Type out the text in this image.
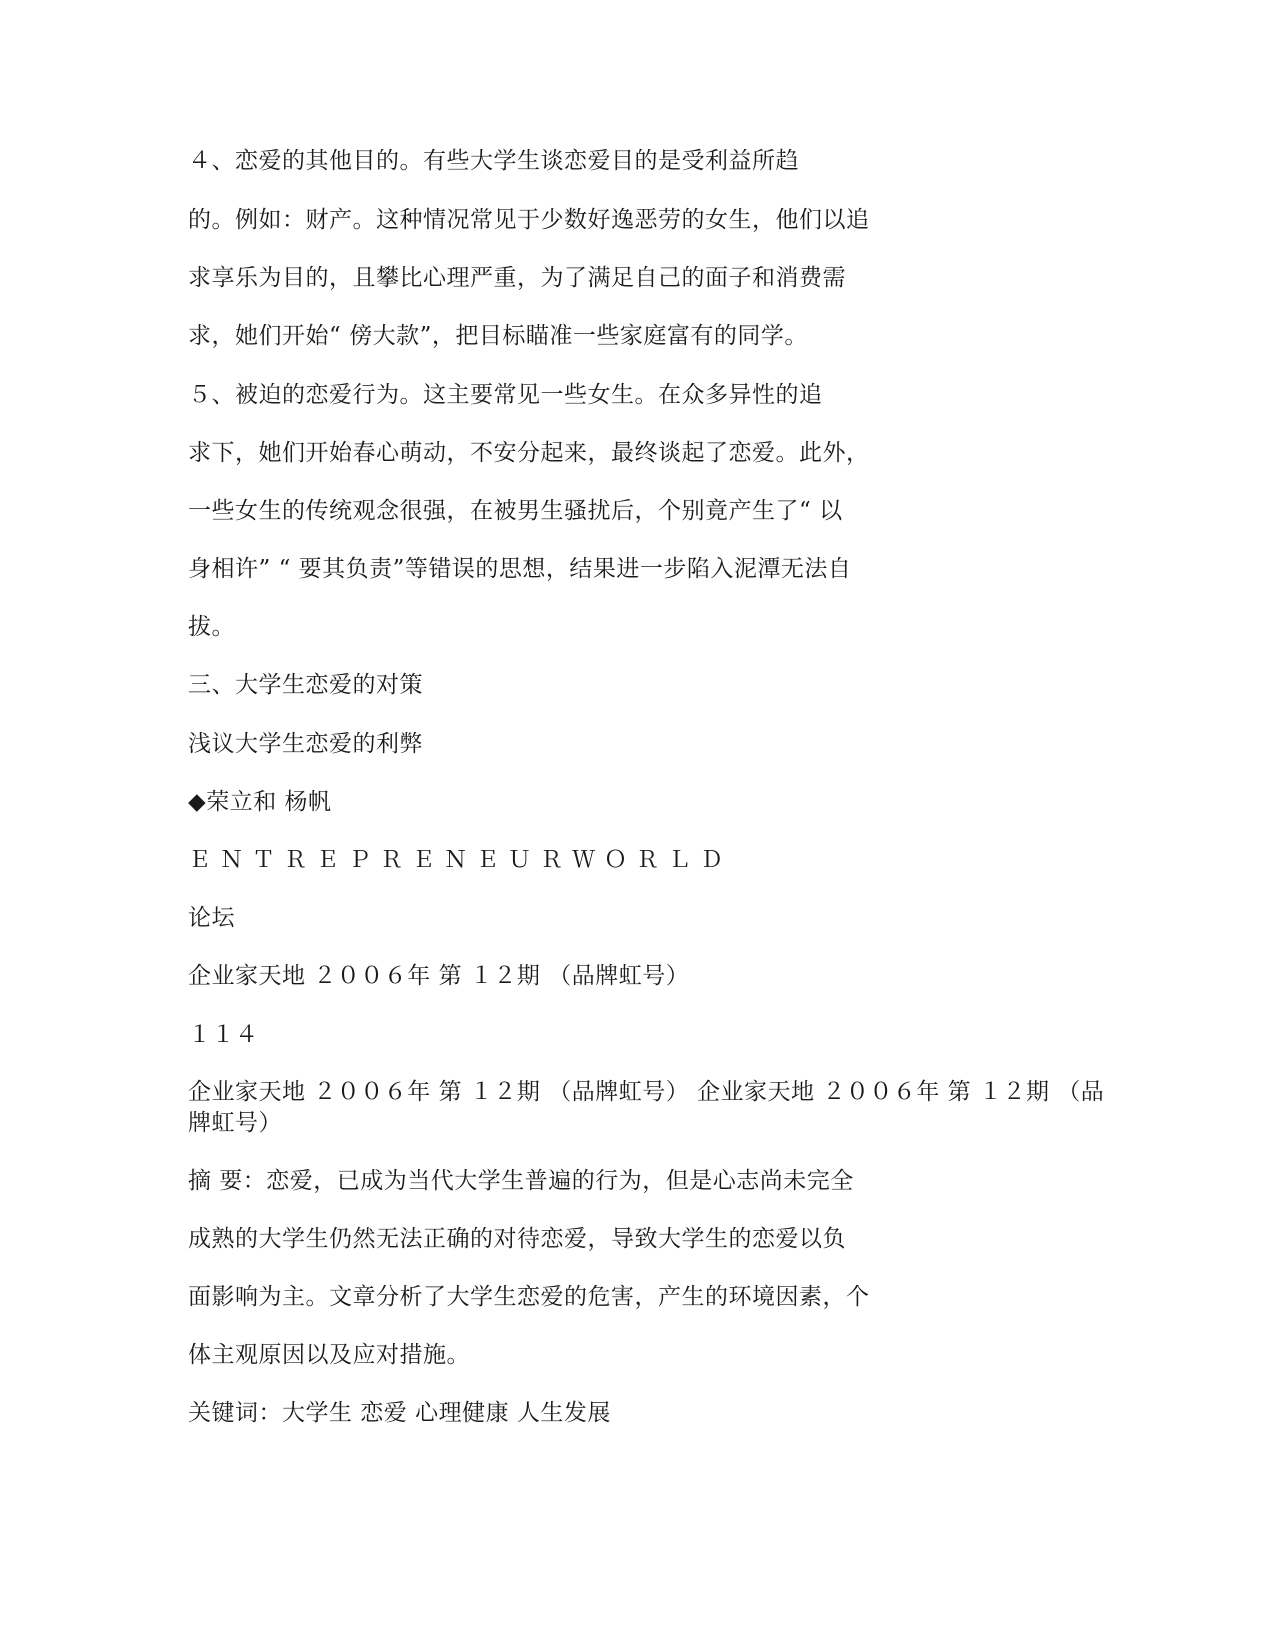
４、恋爱的其他目的。有些大学生谈恋爱目的是受利益所趋
的。例如：财产。这种情况常见于少数好逸恶劳的女生，他们以追
求享乐为目的，且攀比心理严重，为了满足自己的面子和消费需
求，她们开始“ 傍大款”，把目标瞄准一些家庭富有的同学。
５、被迫的恋爱行为。这主要常见一些女生。在众多异性的追
求下，她们开始春心萌动，不安分起来，最终谈起了恋爱。此外，
一些女生的传统观念很强，在被男生骚扰后，个别竟产生了“ 以
身相许” “ 要其负责”等错误的思想，结果进一步陷入泥潭无法自
拔。
三、大学生恋爱的对策
浅议大学生恋爱的利弊
◆荣立和 杨帆
ＥＮＴＲＥＰＲＥＮＥＵＲＷＯＲＬＤ
论坛
企业家天地 ２００６年 第 １２期 （品牌虹号）
１１４
企业家天地 ２００６年 第 １２期 （品牌虹号） 企业家天地 ２００６年 第 １２期 （品牌虹号）
摘 要：恋爱，已成为当代大学生普遍的行为，但是心志尚未完全
成熟的大学生仍然无法正确的对待恋爱，导致大学生的恋爱以负
面影响为主。文章分析了大学生恋爱的危害，产生的环境因素，个
体主观原因以及应对措施。
关键词：大学生 恋爱 心理健康 人生发展
